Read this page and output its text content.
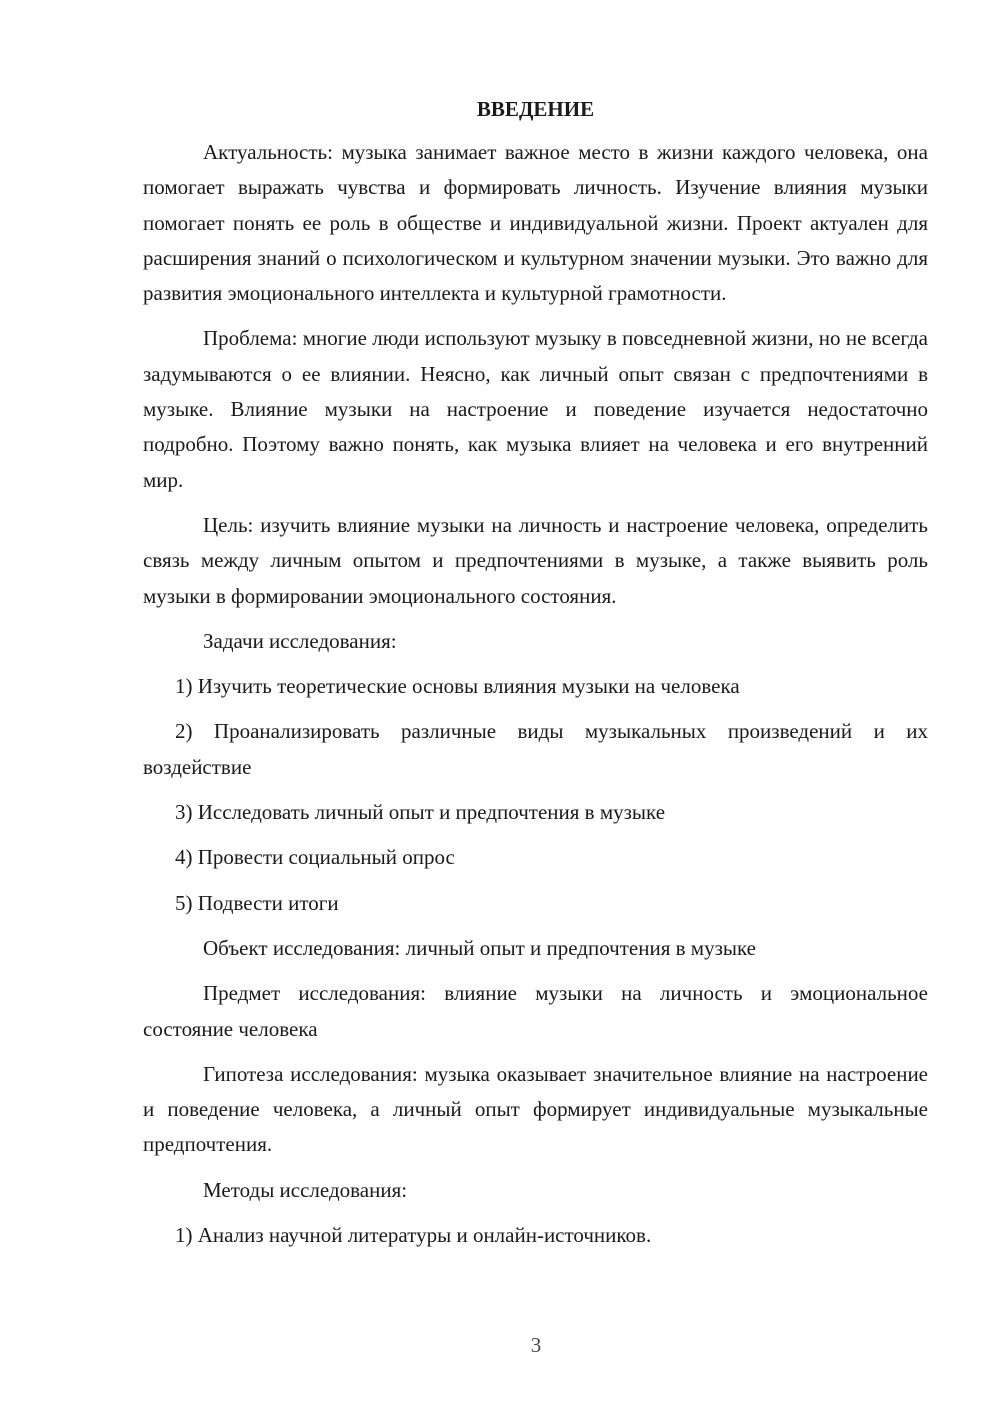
ВВЕДЕНИЕ

Актуальность: музыка занимает важное место в жизни каждого человека, она помогает выражать чувства и формировать личность. Изучение влияния музыки помогает понять ее роль в обществе и индивидуальной жизни. Проект актуален для расширения знаний о психологическом и культурном значении музыки. Это важно для развития эмоционального интеллекта и культурной грамотности.

Проблема: многие люди используют музыку в повседневной жизни, но не всегда задумываются о ее влиянии. Неясно, как личный опыт связан с предпочтениями в музыке. Влияние музыки на настроение и поведение изучается недостаточно подробно. Поэтому важно понять, как музыка влияет на человека и его внутренний мир.

Цель: изучить влияние музыки на личность и настроение человека, определить связь между личным опытом и предпочтениями в музыке, а также выявить роль музыки в формировании эмоционального состояния.

Задачи исследования:

1) Изучить теоретические основы влияния музыки на человека

2) Проанализировать различные виды музыкальных произведений и их воздействие

3) Исследовать личный опыт и предпочтения в музыке

4) Провести социальный опрос

5) Подвести итоги

Объект исследования: личный опыт и предпочтения в музыке

Предмет исследования: влияние музыки на личность и эмоциональное состояние человека

Гипотеза исследования: музыка оказывает значительное влияние на настроение и поведение человека, а личный опыт формирует индивидуальные музыкальные предпочтения.

Методы исследования:

1) Анализ научной литературы и онлайн-источников.

3
